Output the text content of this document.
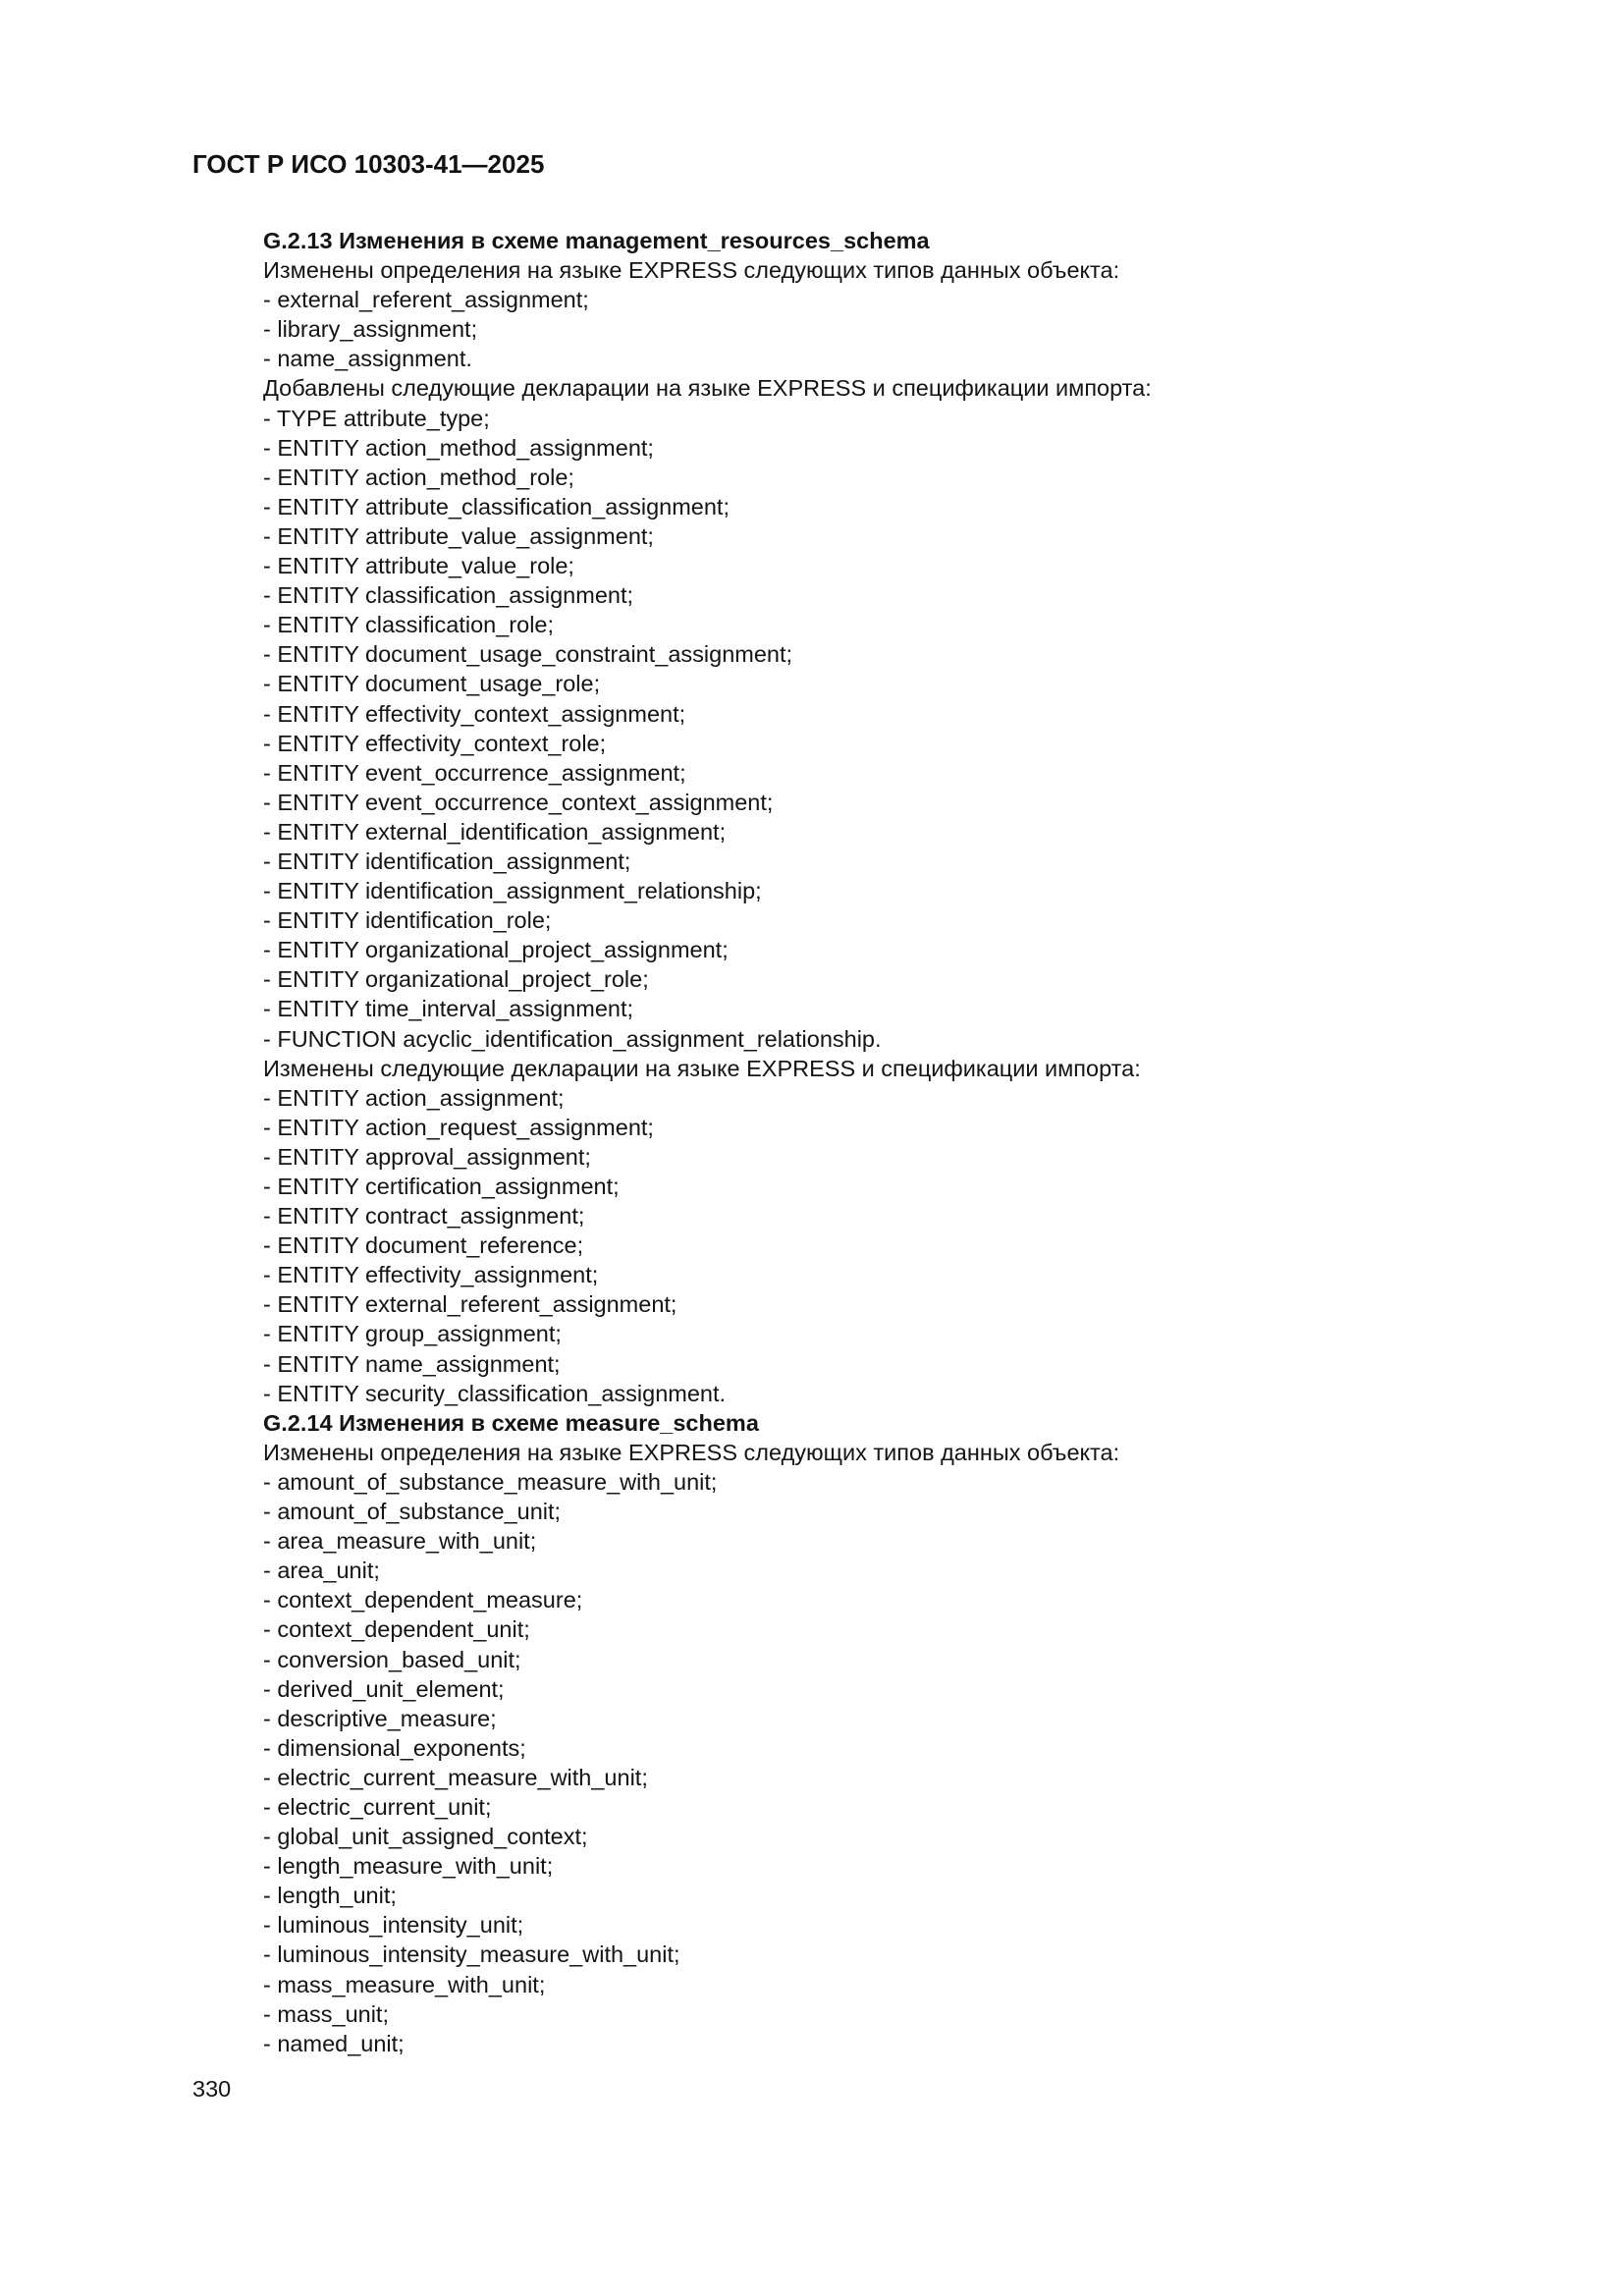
ГОСТ Р ИСО 10303-41—2025
G.2.13 Изменения в схеме management_resources_schema
Изменены определения на языке EXPRESS следующих типов данных объекта:
- external_referent_assignment;
- library_assignment;
- name_assignment.
Добавлены следующие декларации на языке EXPRESS и спецификации импорта:
- TYPE attribute_type;
- ENTITY action_method_assignment;
- ENTITY action_method_role;
- ENTITY attribute_classification_assignment;
- ENTITY attribute_value_assignment;
- ENTITY attribute_value_role;
- ENTITY classification_assignment;
- ENTITY classification_role;
- ENTITY document_usage_constraint_assignment;
- ENTITY document_usage_role;
- ENTITY effectivity_context_assignment;
- ENTITY effectivity_context_role;
- ENTITY event_occurrence_assignment;
- ENTITY event_occurrence_context_assignment;
- ENTITY external_identification_assignment;
- ENTITY identification_assignment;
- ENTITY identification_assignment_relationship;
- ENTITY identification_role;
- ENTITY organizational_project_assignment;
- ENTITY organizational_project_role;
- ENTITY time_interval_assignment;
- FUNCTION acyclic_identification_assignment_relationship.
Изменены следующие декларации на языке EXPRESS и спецификации импорта:
- ENTITY action_assignment;
- ENTITY action_request_assignment;
- ENTITY approval_assignment;
- ENTITY certification_assignment;
- ENTITY contract_assignment;
- ENTITY document_reference;
- ENTITY effectivity_assignment;
- ENTITY external_referent_assignment;
- ENTITY group_assignment;
- ENTITY name_assignment;
- ENTITY security_classification_assignment.
G.2.14 Изменения в схеме measure_schema
Изменены определения на языке EXPRESS следующих типов данных объекта:
- amount_of_substance_measure_with_unit;
- amount_of_substance_unit;
- area_measure_with_unit;
- area_unit;
- context_dependent_measure;
- context_dependent_unit;
- conversion_based_unit;
- derived_unit_element;
- descriptive_measure;
- dimensional_exponents;
- electric_current_measure_with_unit;
- electric_current_unit;
- global_unit_assigned_context;
- length_measure_with_unit;
- length_unit;
- luminous_intensity_unit;
- luminous_intensity_measure_with_unit;
- mass_measure_with_unit;
- mass_unit;
- named_unit;
330
